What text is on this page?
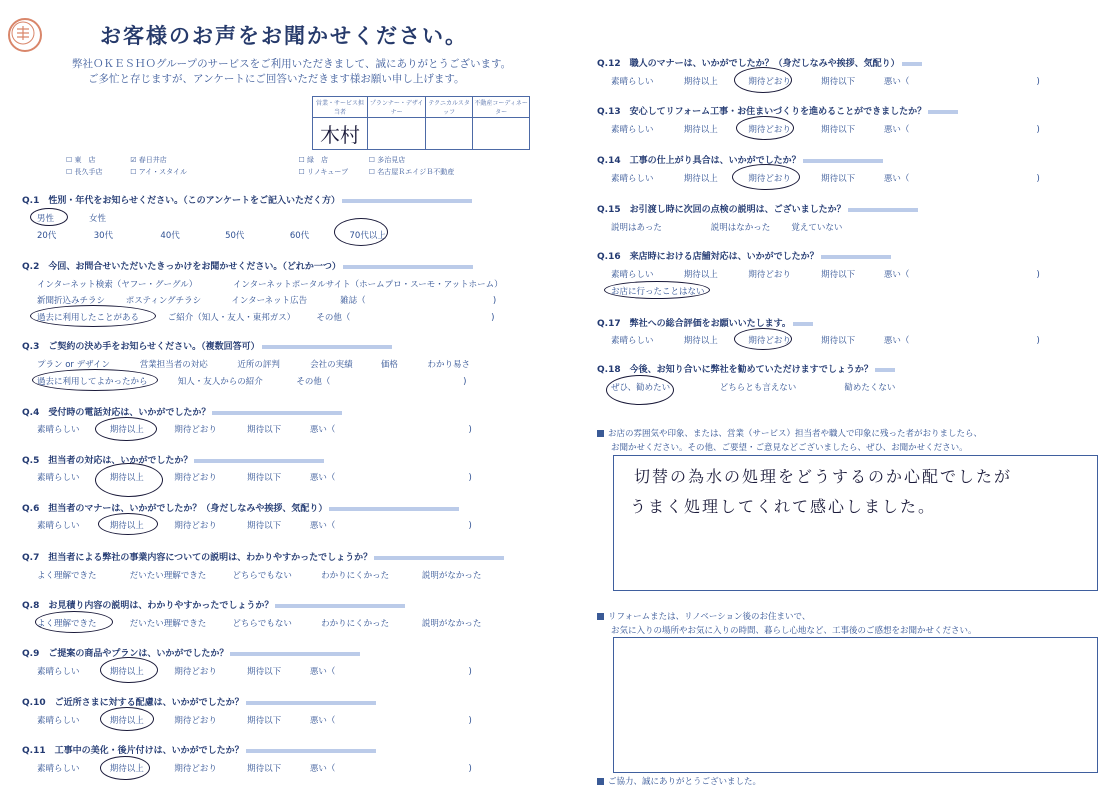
お客様のお声をお聞かせください。
弊社ＯＫＥＳＨＯグループのサービスをご利用いただきまして、誠にありがとうございます。
ご多忙と存じますが、アンケートにご回答いただきます様お願い申し上げます。
営業・サービス担当者	プランナー・デザイナー	テクニカルスタッフ	不動産コーディネーター
木村			
☐ 東　店	☑ 春日井店	☐ 緑　店	☐ 多治見店
☐ 長久手店	☐ アイ・スタイル	☐ リノキューブ	☐ 名古屋ＲエイジＢ不動産
Q.1　性別・年代をお知らせください。（このアンケートをご記入いただく方）
男性	女性
20代	30代	40代	50代	60代	70代以上
Q.2　今回、お問合せいただいたきっかけをお聞かせください。（どれか一つ）
インターネット検索（ヤフー・グーグル）	インターネットポータルサイト（ホームプロ・スーモ・アットホーム）
新聞折込みチラシ ポスティングチラシ	インターネット広告	雑誌（	)
過去に利用したことがある	ご紹介（知人・友人・東邦ガス） その他（	)
Q.3　ご契約の決め手をお知らせください。（複数回答可）
プラン or デザイン	営業担当者の対応	近所の評判	会社の実績	価格	わかり易さ
過去に利用してよかったから	知人・友人からの紹介	その他（	)
Q.4　受付時の電話対応は、いかがでしたか？
素晴らしい	期待以上	期待どおり	期待以下	悪い（	)
Q.5　担当者の対応は、いかがでしたか？
素晴らしい	期待以上	期待どおり	期待以下	悪い（	)
Q.6　担当者のマナーは、いかがでしたか？（身だしなみや挨拶、気配り）
素晴らしい	期待以上	期待どおり	期待以下	悪い（	)
Q.7　担当者による弊社の事業内容についての説明は、わかりやすかったでしょうか？
よく理解できた	だいたい理解できた	どちらでもない	わかりにくかった	説明がなかった
Q.8　お見積り内容の説明は、わかりやすかったでしょうか？
よく理解できた	だいたい理解できた	どちらでもない	わかりにくかった	説明がなかった
Q.9　ご提案の商品やプランは、いかがでしたか？
素晴らしい	期待以上	期待どおり	期待以下	悪い（	)
Q.10　ご近所さまに対する配慮は、いかがでしたか？
素晴らしい	期待以上	期待どおり	期待以下	悪い（	)
Q.11　工事中の美化・後片付けは、いかがでしたか？
素晴らしい	期待以上	期待どおり	期待以下	悪い（	)
Q.12　職人のマナーは、いかがでしたか？（身だしなみや挨拶、気配り）
素晴らしい	期待以上	期待どおり	期待以下	悪い（	)
Q.13　安心してリフォーム工事・お住まいづくりを進めることができましたか？
素晴らしい	期待以上	期待どおり	期待以下	悪い（	)
Q.14　工事の仕上がり具合は、いかがでしたか？
素晴らしい	期待以上	期待どおり	期待以下	悪い（	)
Q.15　お引渡し時に次回の点検の説明は、ございましたか？
説明はあった	説明はなかった 覚えていない
Q.16　来店時における店舗対応は、いかがでしたか？
素晴らしい	期待以上	期待どおり	期待以下	悪い（	)
お店に行ったことはない
Q.17　弊社への総合評価をお願いいたします。
素晴らしい	期待以上	期待どおり	期待以下	悪い（	)
Q.18　今後、お知り合いに弊社を勧めていただけますでしょうか？
ぜひ、勧めたい	どちらとも言えない	勧めたくない
お店の雰囲気や印象、または、営業（サービス）担当者や職人で印象に残った者がおりましたら、
お聞かせください。その他、ご要望・ご意見などございましたら、ぜひ、お聞かせください。
切替の為水の処理をどうするのか心配でしたが
うまく処理してくれて感心しました。
リフォームまたは、リノベーション後のお住まいで、
お気に入りの場所やお気に入りの時間、暮らし心地など、工事後のご感想をお聞かせください。
ご協力、誠にありがとうございました。
